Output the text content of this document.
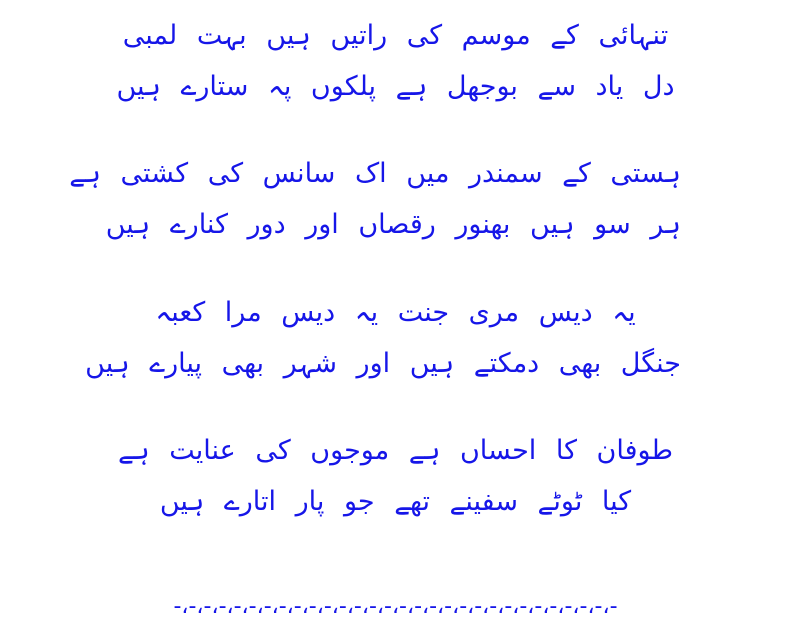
تنہائی کے موسم کی راتیں ہیں بہت لمبی
دل یاد سے بوجھل ہے پلکوں پہ ستارے ہیں
ہستی کے سمندر میں اک سانس کی کشتی ہے
ہر سو ہیں بھنور رقصاں اور دور کنارے ہیں
یہ دیس مری جنت یہ دیس مرا کعبہ
جنگل بھی دمکتے ہیں اور شہر بھی پیارے ہیں
طوفان کا احساں ہے موجوں کی عنایت ہے
کیا ٹوٹے سفینے تھے جو پار اتارے ہیں
-،-،-،-،-،-،-،-،-،-،-،-،-،-،-،-،-،-،-،-،-،-،-،-،-،-،-،-،-،-
